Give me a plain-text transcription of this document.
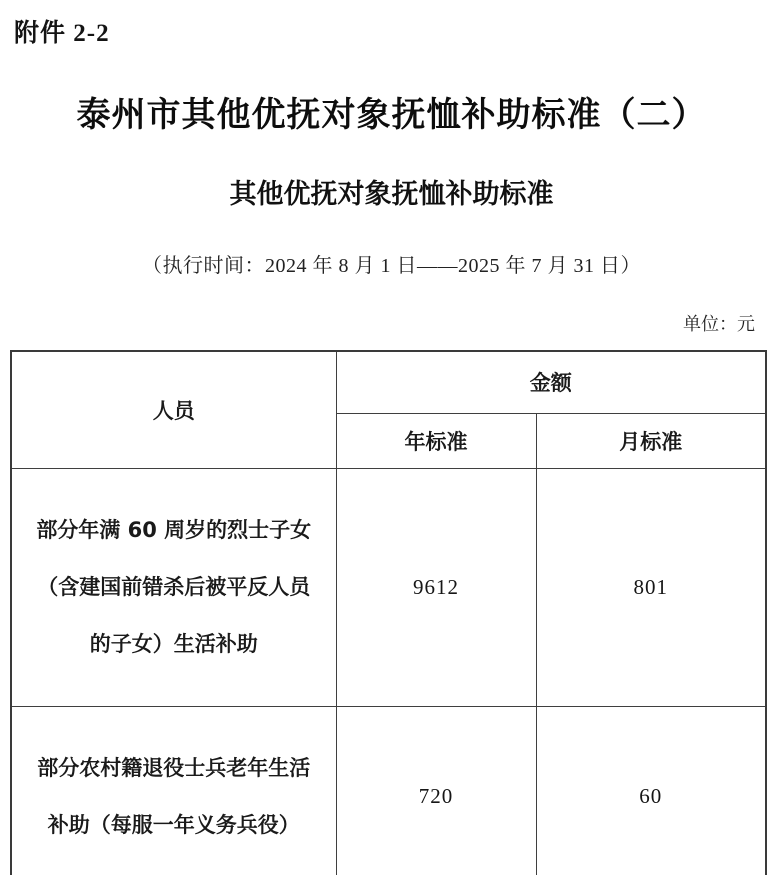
附件 2-2
泰州市其他优抚对象抚恤补助标准（二）
其他优抚对象抚恤补助标准
（执行时间：2024 年 8 月 1 日——2025 年 7 月 31 日）
单位：元
人员	金额	
	年标准	月标准

部分年满 60 周岁的烈士子女
（含建国前错杀后被平反人员
的子女）生活补助	9612	801

部分农村籍退役士兵老年生活
补助（每服一年义务兵役）	720	60
